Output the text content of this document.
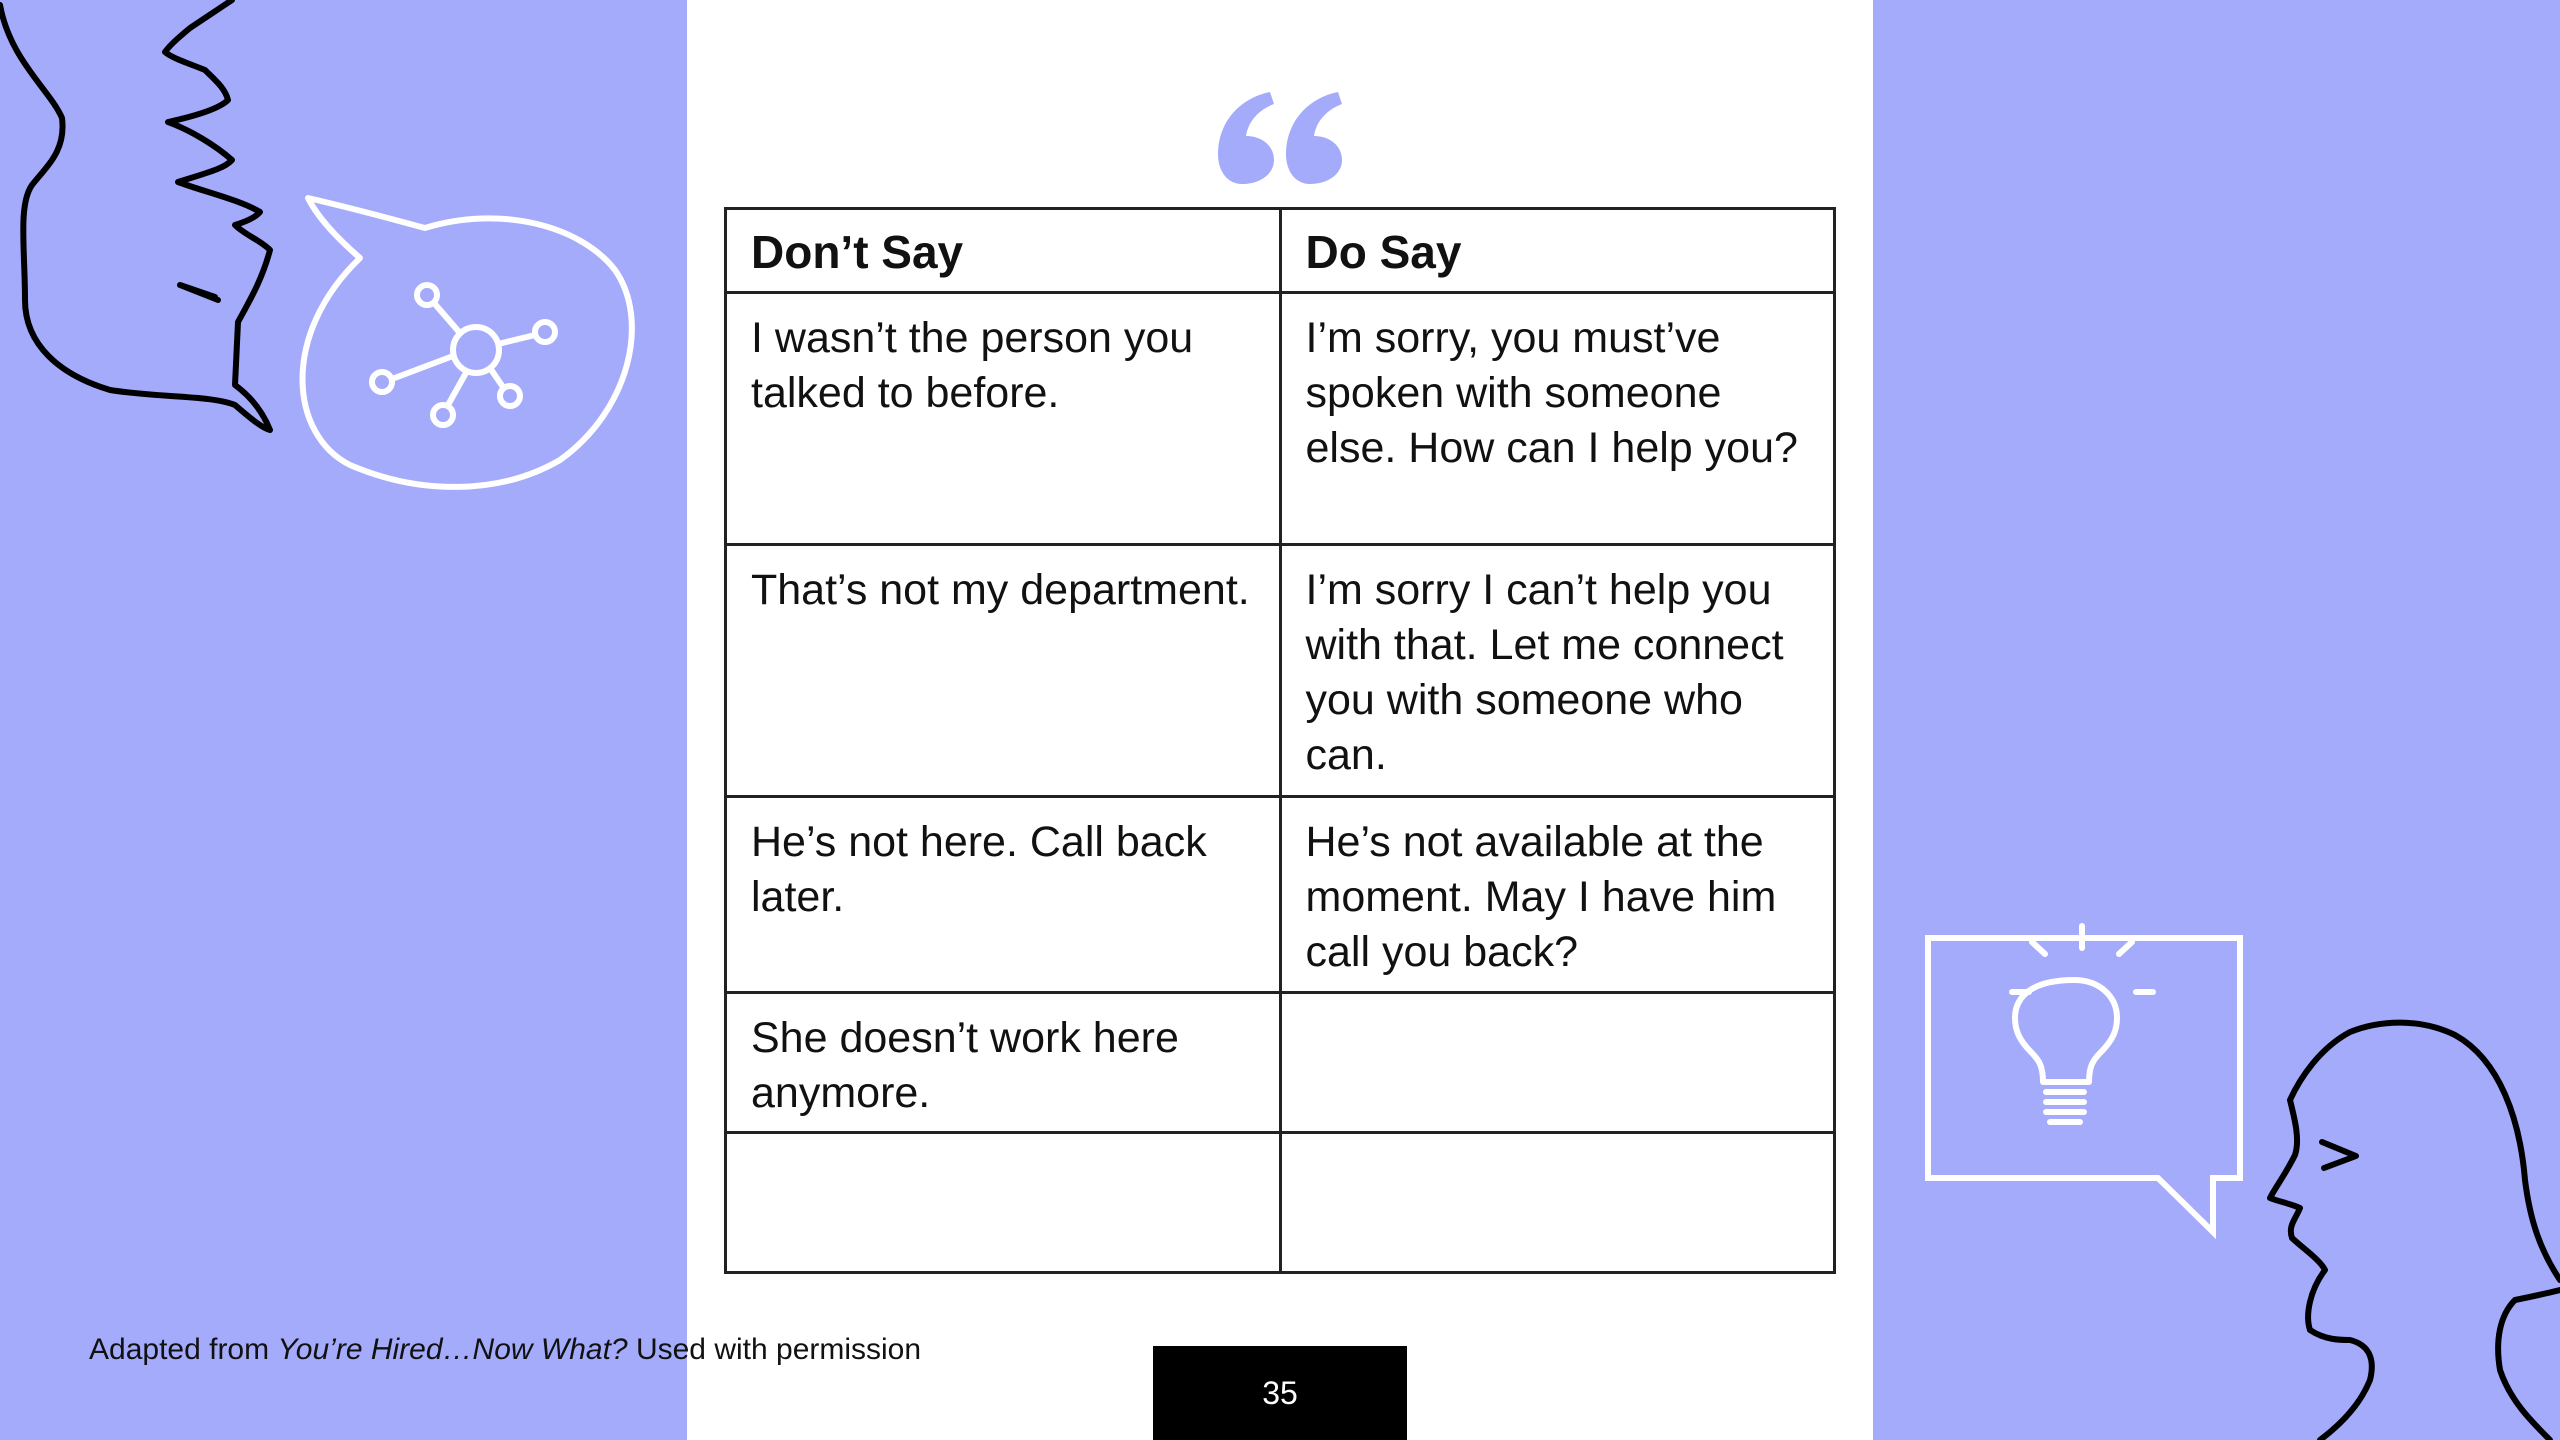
Don’t Say	Do Say
I wasn’t the person you talked to before.	I’m sorry, you must’ve spoken with someone else. How can I help you?
That’s not my department.	I’m sorry I can’t help you with that. Let me connect you with someone who can.
He’s not here. Call back later.	He’s not available at the moment. May I have him call you back?
She doesn’t work here anymore.	

Adapted from You’re Hired…Now What? Used with permission
35
